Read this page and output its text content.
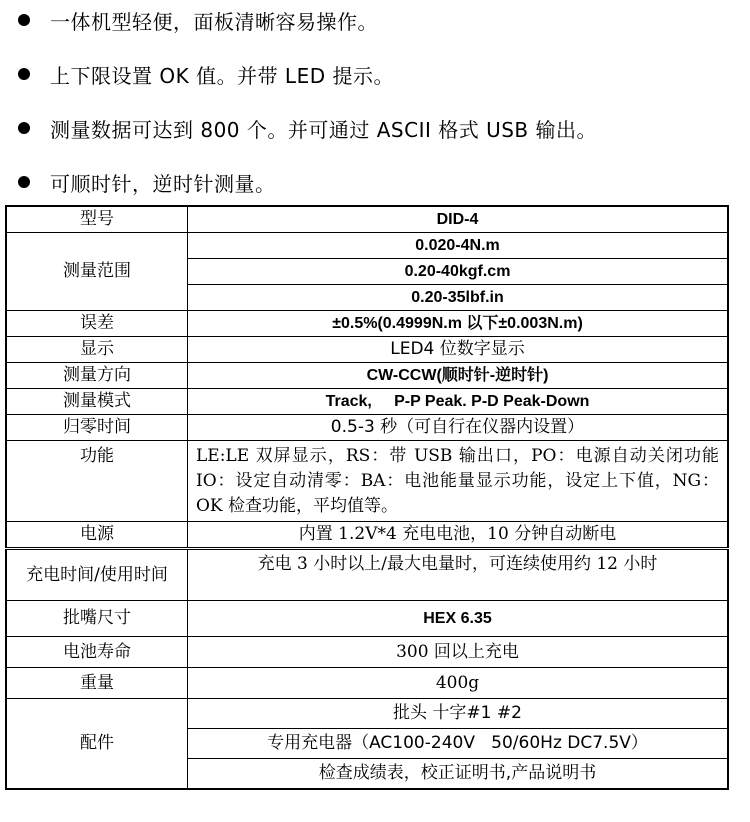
一体机型轻便，面板清晰容易操作。
上下限设置 OK 值。并带 LED 提示。
测量数据可达到 800 个。并可通过 ASCII 格式 USB 输出。
可顺时针，逆时针测量。
型号	DID-4
测量范围	0.020-4N.m
	0.20-40kgf.cm
	0.20-35lbf.in
误差	±0.5%(0.4999N.m 以下±0.003N.m)
显示	LED4 位数字显示
测量方向	CW-CCW(顺时针-逆时针)
测量模式	Track,     P-P Peak. P-D Peak-Down
归零时间	0.5-3 秒（可自行在仪器内设置）
功能	LE:LE 双屏显示，RS：带 USB 输出口，PO：电源自动关闭功能 IO：设定自动清零：BA：电池能量显示功能，设定上下值，NG：OK 检查功能，平均值等。
电源	内置 1.2V*4 充电电池，10 分钟自动断电
充电时间/使用时间	充电 3 小时以上/最大电量时，可连续使用约 12 小时
批嘴尺寸	HEX 6.35
电池寿命	300 回以上充电
重量	400g
配件	批头 十字#1 #2
	专用充电器（AC100-240V   50/60Hz DC7.5V）
	检查成绩表，校正证明书,产品说明书
